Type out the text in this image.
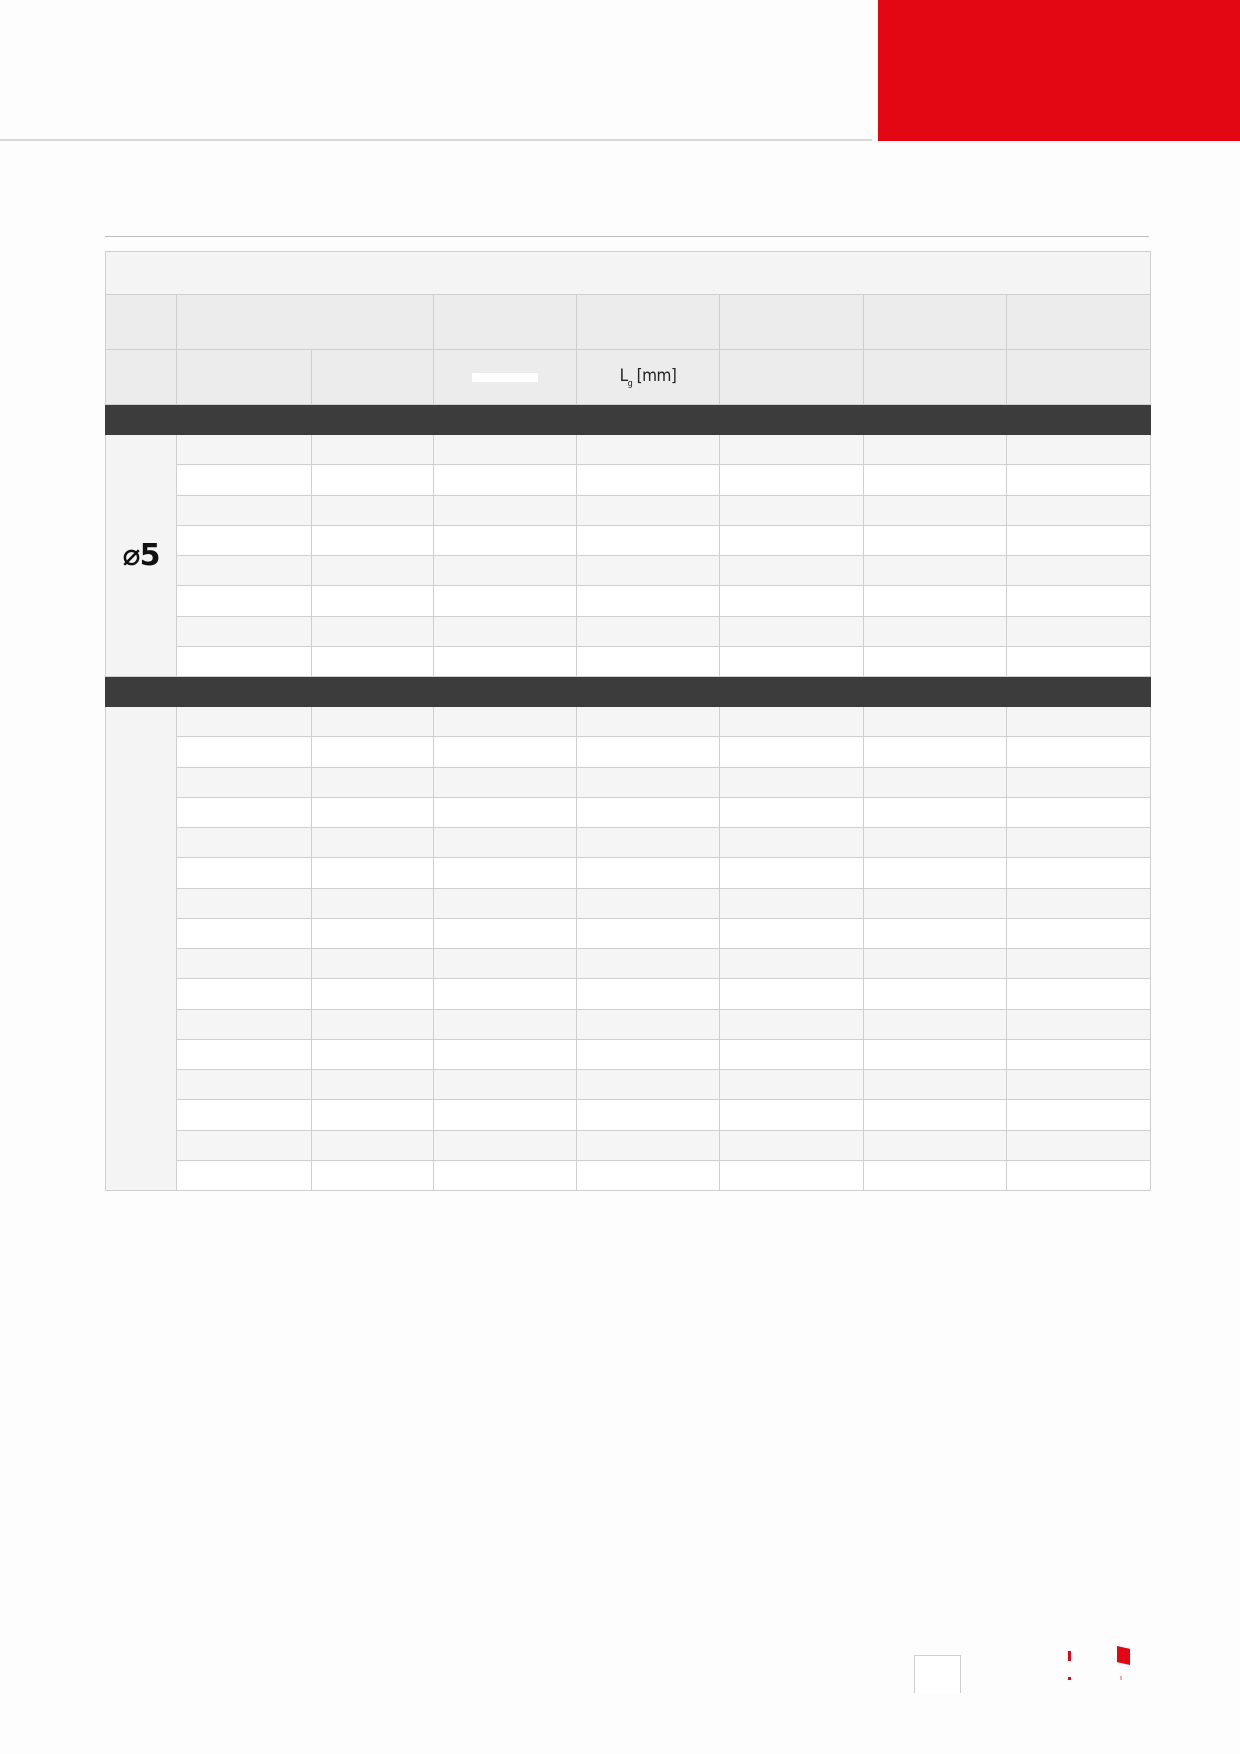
$L_g$ [mm]
⌀5
